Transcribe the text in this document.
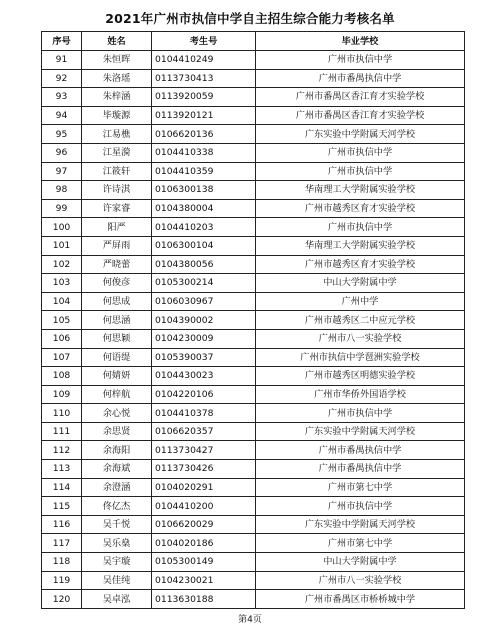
2021年广州市执信中学自主招生综合能力考核名单
序号	姓名	考生号	毕业学校
91	朱恒晖	0104410249	广州市执信中学
92	朱洛瑶	0113730413	广州市番禺执信中学
93	朱梓涵	0113920059	广州市番禺区香江育才实验学校
94	毕璇源	0113920121	广州市番禺区香江育才实验学校
95	江易樵	0106620136	广东实验中学附属天河学校
96	江星漪	0104410338	广州市执信中学
97	江筱轩	0104410359	广州市执信中学
98	许诗淇	0106300138	华南理工大学附属实验学校
99	许家睿	0104380004	广州市越秀区育才实验学校
100	阳严	0104410203	广州市执信中学
101	严屏雨	0106300104	华南理工大学附属实验学校
102	严晓蕾	0104380056	广州市越秀区育才实验学校
103	何俊彦	0105300214	中山大学附属中学
104	何思成	0106030967	广州中学
105	何思涵	0104390002	广州市越秀区二中应元学校
106	何思颖	0104230009	广州市八一实验学校
107	何语缇	0105390037	广州市执信中学琶洲实验学校
108	何婧妍	0104430023	广州市越秀区明德实验学校
109	何梓航	0104220106	广州市华侨外国语学校
110	余心悦	0104410378	广州市执信中学
111	余思贤	0106620357	广东实验中学附属天河学校
112	余海阳	0113730427	广州市番禺执信中学
113	余海斌	0113730426	广州市番禺执信中学
114	余澄涵	0104020291	广州市第七中学
115	佟亿杰	0104410200	广州市执信中学
116	吴千悦	0106620029	广东实验中学附属天河学校
117	吴乐燊	0104020186	广州市第七中学
118	吴宇璇	0105300149	中山大学附属中学
119	吴佳纯	0104230021	广州市八一实验学校
120	吴卓泓	0113630188	广州市番禺区市桥桥城中学
第4页
